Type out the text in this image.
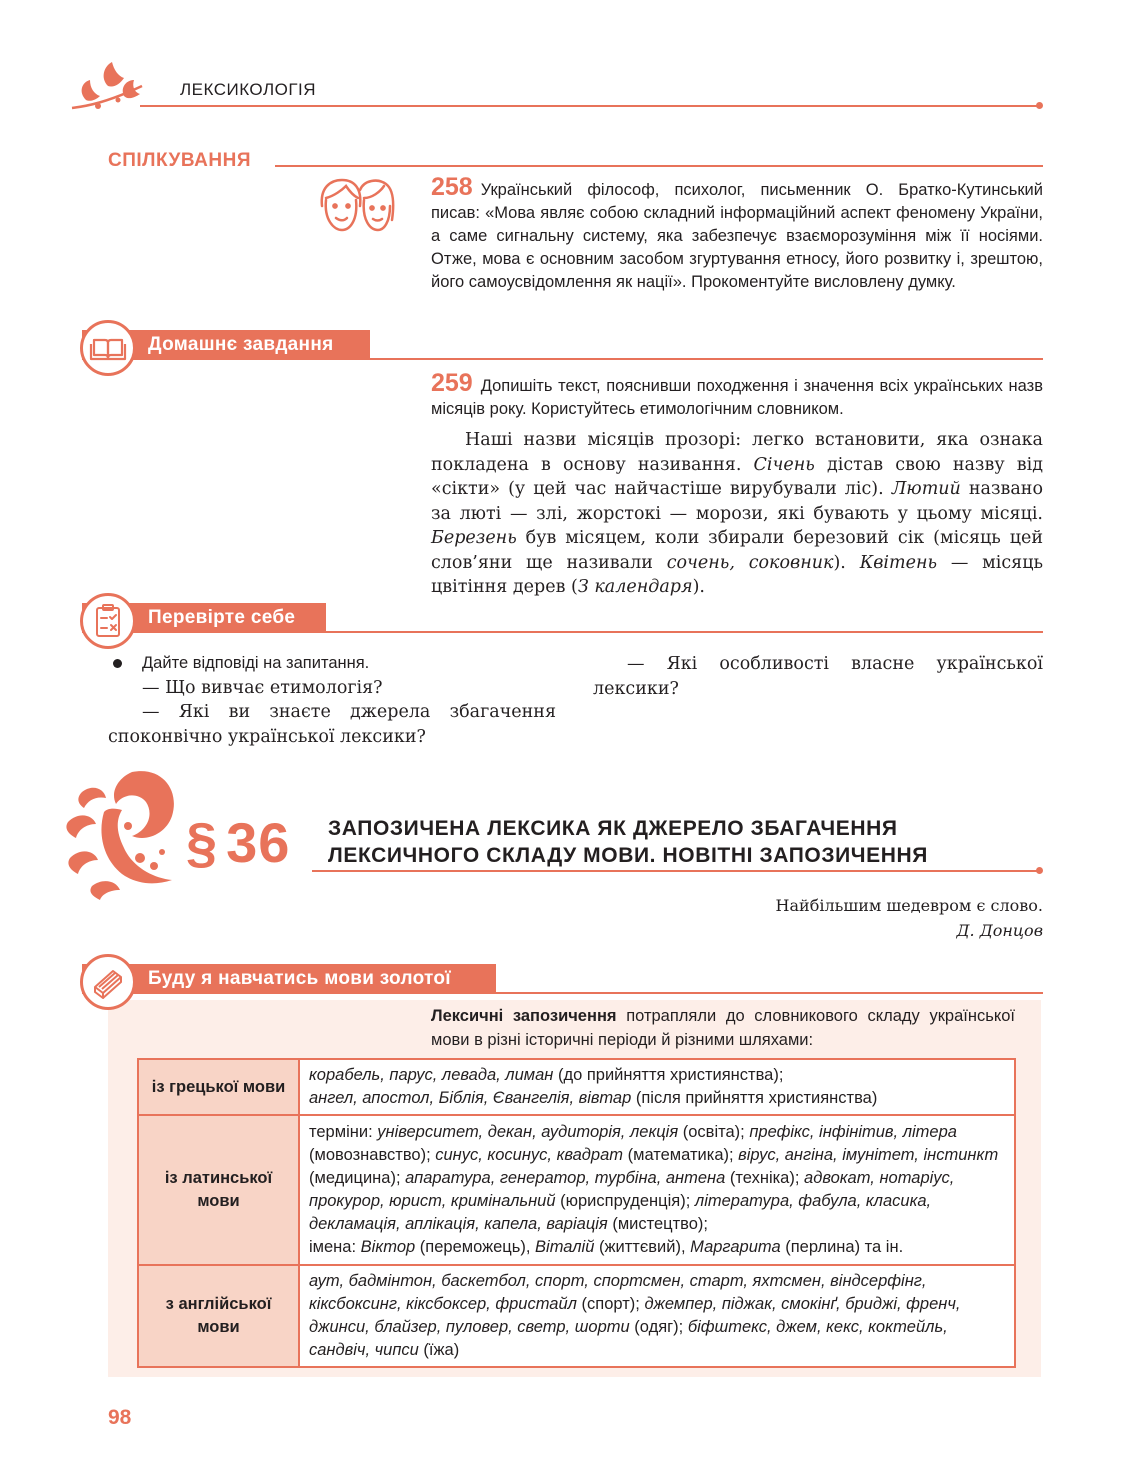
ЛЕКСИКОЛОГІЯ
СПІЛКУВАННЯ
258 Український філософ, психолог, письменник О. Братко-Кутинський писав: «Мова являє собою складний інформаційний аспект феномену України, а саме сигнальну систему, яка забезпечує взаєморозуміння між її носіями. Отже, мова є основним засобом згуртування етносу, його розвитку і, зрештою, його самоусвідомлення як нації». Прокоментуйте висловлену думку.
Домашнє завдання
259 Допишіть текст, пояснивши походження і значення всіх українських назв місяців року. Користуйтесь етимологічним словником.
Наші назви місяців прозорі: легко встановити, яка ознака покладена в основу називання. Січень дістав свою назву від «сікти» (у цей час найчастіше вирубували ліс). Лютий названо за люті — злі, жорстокі — морози, які бувають у цьому місяці. Березень був місяцем, коли збирали березовий сік (місяць цей слов’яни ще називали сочень, соковник). Квітень — місяць цвітіння дерев (З календаря).
Перевірте себе
Дайте відповіді на запитання.
— Що вивчає етимологія?
— Які ви знаєте джерела збагачення споконвічно української лексики?
— Які особливості власне української лексики?
§ 36 ЗАПОЗИЧЕНА ЛЕКСИКА ЯК ДЖЕРЕЛО ЗБАГАЧЕННЯ
ЛЕКСИЧНОГО СКЛАДУ МОВИ. НОВІТНІ ЗАПОЗИЧЕННЯ
Найбільшим шедевром є слово.
Д. Донцов
Буду я навчатись мови золотої
Лексичні запозичення потрапляли до словникового складу української мови в різні історичні періоди й різними шляхами:
із грецької мови	корабель, парус, левада, лиман (до прийняття християнства);
ангел, апостол, Біблія, Євангелія, вівтар (після прийняття християнства)
із латинської мови	терміни: університет, декан, аудиторія, лекція (освіта); префікс, інфінітив, літера (мовознавство); синус, косинус, квадрат (математика); вірус, ангіна, імунітет, інстинкт (медицина); апаратура, генератор, турбіна, антена (техніка); адвокат, нотаріус, прокурор, юрист, кримінальний (юриспруденція); література, фабула, класика, декламація, аплікація, капела, варіація (мистецтво);
імена: Віктор (переможець), Віталій (життєвий), Маргарита (перлина) та ін.
з англійської мови	аут, бадмінтон, баскетбол, спорт, спортсмен, старт, яхтсмен, віндсерфінг, кіксбоксинг, кіксбоксер, фристайл (спорт); джемпер, піджак, смокінґ, бриджі, френч, джинси, блайзер, пуловер, светр, шорти (одяг); біфштекс, джем, кекс, коктейль, сандвіч, чипси (їжа)
98
